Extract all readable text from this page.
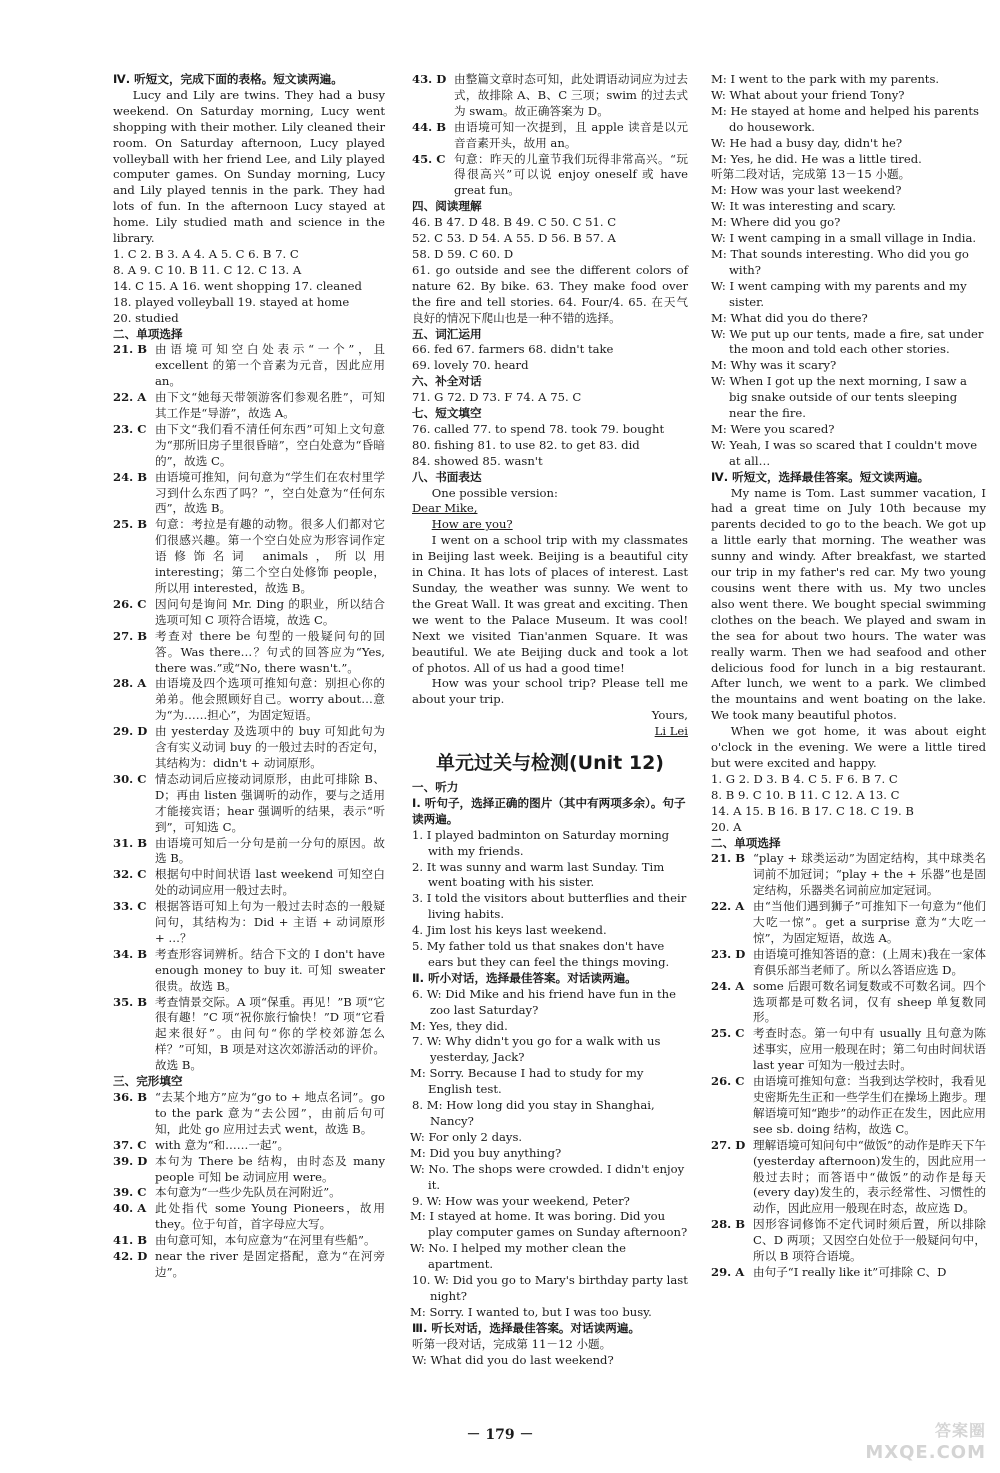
Ⅳ. 听短文，完成下面的表格。短文读两遍。
Lucy and Lily are twins. They had a busy weekend. On Saturday morning, Lucy went shopping with their mother. Lily cleaned their room. On Saturday afternoon, Lucy played volleyball with her friend Lee, and Lily played computer games. On Sunday morning, Lucy and Lily played tennis in the park. They had lots of fun. In the afternoon Lucy stayed at home. Lily studied math and science in the library.
1. C 2. B 3. A 4. A 5. C 6. B 7. C
8. A 9. C 10. B 11. C 12. C 13. A
14. C 15. A 16. went shopping 17. cleaned
18. played volleyball 19. stayed at home
20. studied
二、单项选择
21. B 由语境可知空白处表示“一个”，且 excellent 的第一个音素为元音，因此应用 an。
22. A 由下文“她每天带领游客们参观名胜”，可知其工作是“导游”，故选 A。
23. C 由下文“我们看不清任何东西”可知上文句意为“那所旧房子里很昏暗”，空白处意为“昏暗的”，故选 C。
24. B 由语境可推知，问句意为“学生们在农村里学习到什么东西了吗？”，空白处意为“任何东西”，故选 B。
25. B 句意：考拉是有趣的动物。很多人们都对它们很感兴趣。第一个空白处应为形容词作定语修饰名词 animals，所以用 interesting；第二个空白处修饰 people，所以用 interested，故选 B。
26. C 因问句是询问 Mr. Ding 的职业，所以结合选项可知 C 项符合语境，故选 C。
27. B 考查对 there be 句型的一般疑问句的回答。Was there…？句式的回答应为“Yes, there was.”或“No, there wasn't.”。
28. A 由语境及四个选项可推知句意：别担心你的弟弟。他会照顾好自己。worry about…意为“为……担心”，为固定短语。
29. D 由 yesterday 及选项中的 buy 可知此句为含有实义动词 buy 的一般过去时的否定句，其结构为：didn't + 动词原形。
30. C 情态动词后应接动词原形，由此可排除 B、D；再由 listen 强调听的动作，要与之适用才能接宾语；hear 强调听的结果，表示“听到”，可知选 C。
31. B 由语境可知后一分句是前一分句的原因。故选 B。
32. C 根据句中时间状语 last weekend 可知空白处的动词应用一般过去时。
33. C 根据答语可知上句为一般过去时态的一般疑问句，其结构为：Did + 主语 + 动词原形 + …？
34. B 考查形容词辨析。结合下文的 I don't have enough money to buy it. 可知 sweater 很贵。故选 B。
35. B 考查情景交际。A 项“保重。再见！”B 项“它很有趣！”C 项“祝你旅行愉快！”D 项“它看起来很好”。由问句“你的学校郊游怎么样？”可知，B 项是对这次郊游活动的评价。故选 B。
三、完形填空
36. B “去某个地方”应为“go to + 地点名词”。go to the park 意为“去公园”，由前后句可知，此处 go 应用过去式 went，故选 B。
37. C with 意为“和……一起”。
39. D 本句为 There be 结构，由时态及 many people 可知 be 动词应用 were。
39. C 本句意为“一些少先队员在河附近”。
40. A 此处指代 some Young Pioneers，故用 they。位于句首，首字母应大写。
41. B 由句意可知，本句应意为“在河里有些船”。
42. D near the river 是固定搭配，意为“在河旁边”。
43. D 由整篇文章时态可知，此处谓语动词应为过去式，故排除 A、B、C 三项；swim 的过去式为 swam。故正确答案为 D。
44. B 由语境可知一次提到，且 apple 读音是以元音音素开头，故用 an。
45. C 句意：昨天的儿童节我们玩得非常高兴。“玩得很高兴”可以说 enjoy oneself 或 have great fun。
四、阅读理解
46. B 47. D 48. B 49. C 50. C 51. C
52. C 53. D 54. A 55. D 56. B 57. A
58. D 59. C 60. D
61. go outside and see the different colors of nature 62. By bike. 63. They make food over the fire and tell stories. 64. Four/4. 65. 在天气良好的情况下爬山也是一种不错的选择。
五、词汇运用
66. fed 67. farmers 68. didn't take
69. lovely 70. heard
六、补全对话
71. G 72. D 73. F 74. A 75. C
七、短文填空
76. called 77. to spend 78. took 79. bought
80. fishing 81. to use 82. to get 83. did
84. showed 85. wasn't
八、书面表达
One possible version:
Dear Mike,
How are you?
I went on a school trip with my classmates in Beijing last week. Beijing is a beautiful city in China. It has lots of places of interest. Last Sunday, the weather was sunny. We went to the Great Wall. It was great and exciting. Then we went to the Palace Museum. It was cool! Next we visited Tian'anmen Square. It was beautiful. We ate Beijing duck and took a lot of photos. All of us had a good time!
How was your school trip? Please tell me about your trip.
Yours,
Li Lei
单元过关与检测(Unit 12)
一、听力
Ⅰ. 听句子，选择正确的图片（其中有两项多余）。句子读两遍。
1. I played badminton on Saturday morning with my friends.
2. It was sunny and warm last Sunday. Tim went boating with his sister.
3. I told the visitors about butterflies and their living habits.
4. Jim lost his keys last weekend.
5. My father told us that snakes don't have ears but they can feel the things moving.
Ⅱ. 听小对话，选择最佳答案。对话读两遍。
6. W: Did Mike and his friend have fun in the zoo last Saturday?
M: Yes, they did.
7. W: Why didn't you go for a walk with us yesterday, Jack?
M: Sorry. Because I had to study for my English test.
8. M: How long did you stay in Shanghai, Nancy?
W: For only 2 days.
M: Did you buy anything?
W: No. The shops were crowded. I didn't enjoy it.
9. W: How was your weekend, Peter?
M: I stayed at home. It was boring. Did you play computer games on Sunday afternoon?
W: No. I helped my mother clean the apartment.
10. W: Did you go to Mary's birthday party last night?
M: Sorry. I wanted to, but I was too busy.
Ⅲ. 听长对话，选择最佳答案。对话读两遍。
听第一段对话，完成第 11－12 小题。
W: What did you do last weekend?
M: I went to the park with my parents.
W: What about your friend Tony?
M: He stayed at home and helped his parents do housework.
W: He had a busy day, didn't he?
M: Yes, he did. He was a little tired.
听第二段对话，完成第 13－15 小题。
M: How was your last weekend?
W: It was interesting and scary.
M: Where did you go?
W: I went camping in a small village in India.
M: That sounds interesting. Who did you go with?
W: I went camping with my parents and my sister.
M: What did you do there?
W: We put up our tents, made a fire, sat under the moon and told each other stories.
M: Why was it scary?
W: When I got up the next morning, I saw a big snake outside of our tents sleeping near the fire.
M: Were you scared?
W: Yeah, I was so scared that I couldn't move at all…
Ⅳ. 听短文，选择最佳答案。短文读两遍。
My name is Tom. Last summer vacation, I had a great time on July 10th because my parents decided to go to the beach. We got up a little early that morning. The weather was sunny and windy. After breakfast, we started our trip in my father's red car. My two young cousins went there with us. My two uncles also went there. We bought special swimming clothes on the beach. We played and swam in the sea for about two hours. The water was really warm. Then we had seafood and other delicious food for lunch in a big restaurant. After lunch, we went to a park. We climbed the mountains and went boating on the lake. We took many beautiful photos.
When we got home, it was about eight o'clock in the evening. We were a little tired but were excited and happy.
1. G 2. D 3. B 4. C 5. F 6. B 7. C
8. B 9. C 10. B 11. C 12. A 13. C
14. A 15. B 16. B 17. C 18. C 19. B
20. A
二、单项选择
21. B “play + 球类运动”为固定结构，其中球类名词前不加冠词；“play + the + 乐器”也是固定结构，乐器类名词前应加定冠词。
22. A 由“当他们遇到狮子”可推知下一句意为“他们大吃一惊”。get a surprise 意为“大吃一惊”，为固定短语，故选 A。
23. D 由语境可推知答语的意：(上周末)我在一家体育俱乐部当老师了。所以么答语应选 D。
24. A some 后跟可数名词复数或不可数名词。四个选项都是可数名词，仅有 sheep 单复数同形。
25. C 考查时态。第一句中有 usually 且句意为陈述事实，应用一般现在时；第二句由时间状语 last year 可知为一般过去时。
26. C 由语境可推知句意：当我到达学校时，我看见史密斯先生正和一些学生们在操场上跑步。理解语境可知“跑步”的动作正在发生，因此应用 see sb. doing 结构，故选 C。
27. D 理解语境可知问句中“做饭”的动作是昨天下午(yesterday afternoon)发生的，因此应用一般过去时；而答语中“做饭”的动作是每天(every day)发生的，表示经常性、习惯性的动作，因此应用一般现在时态，故应选 D。
28. B 因形容词修饰不定代词时须后置，所以排除 C、D 两项；又因空白处位于一般疑问句中，所以 B 项符合语境。
29. A 由句子“I really like it”可排除 C、D
－ 179 －	答案圈
MXQE.COM
